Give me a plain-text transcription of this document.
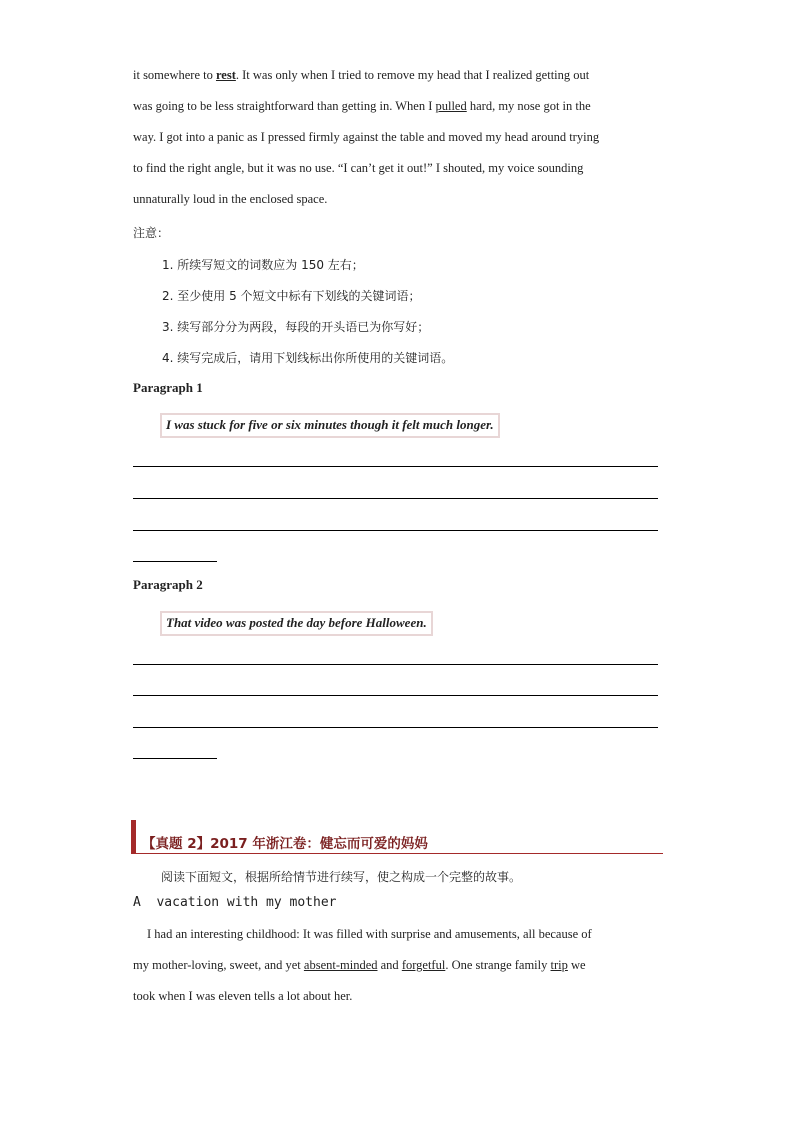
it somewhere to rest. It was only when I tried to remove my head that I realized getting out
was going to be less straightforward than getting in. When I pulled hard, my nose got in the
way. I got into a panic as I pressed firmly against the table and moved my head around trying
to find the right angle, but it was no use. “I can’t get it out!” I shouted, my voice sounding
unnaturally loud in the enclosed space.
注意：
1. 所续写短文的词数应为 150 左右；
2. 至少使用 5 个短文中标有下划线的关键词语；
3. 续写部分分为两段，每段的开头语已为你写好；
4. 续写完成后，请用下划线标出你所使用的关键词语。
Paragraph 1
I was stuck for five or six minutes though it felt much longer.
Paragraph 2
That video was posted the day before Halloween.
【真题 2】2017 年浙江卷：健忘而可爱的妈妈
阅读下面短文，根据所给情节进行续写，使之构成一个完整的故事。
A  vacation with my mother
I had an interesting childhood: It was filled with surprise and amusements, all because of
my mother-loving, sweet, and yet absent-minded and forgetful. One strange family trip we
took when I was eleven tells a lot about her.
